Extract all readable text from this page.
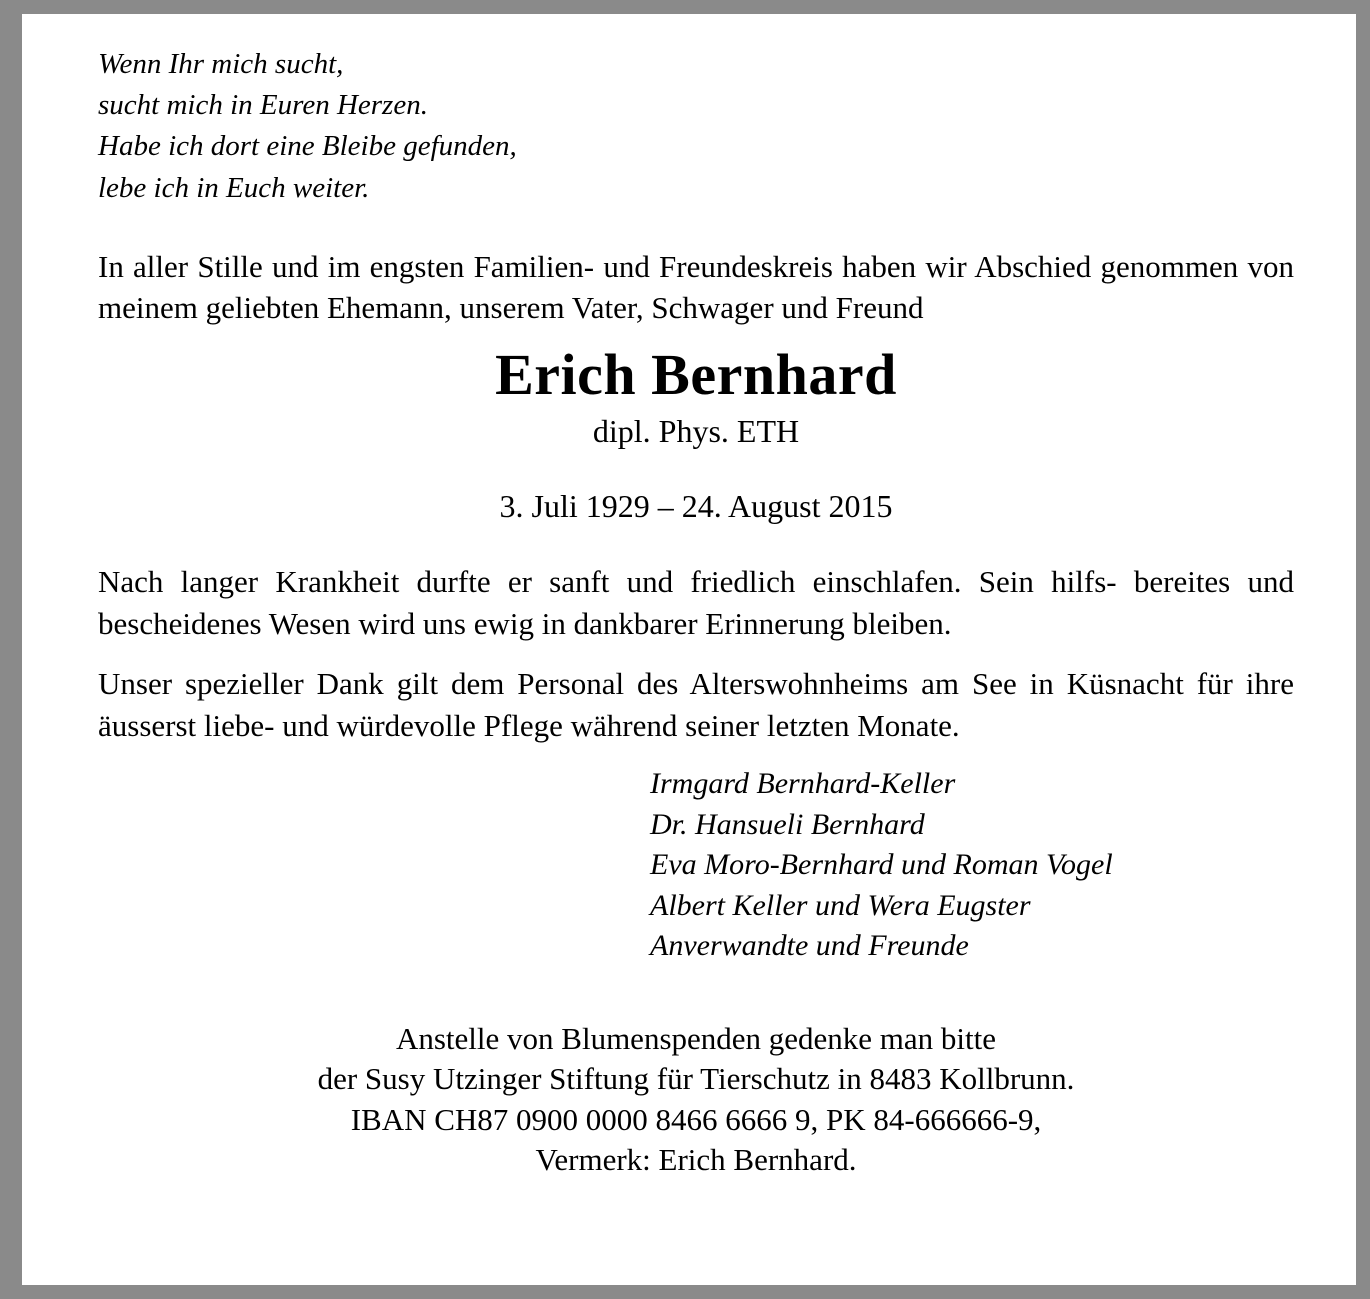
Wenn Ihr mich sucht,
sucht mich in Euren Herzen.
Habe ich dort eine Bleibe gefunden,
lebe ich in Euch weiter.
In aller Stille und im engsten Familien- und Freundeskreis haben wir Abschied genommen von meinem geliebten Ehemann, unserem Vater, Schwager und Freund
Erich Bernhard
dipl. Phys. ETH
3. Juli 1929 – 24. August 2015
Nach langer Krankheit durfte er sanft und friedlich einschlafen. Sein hilfs- bereites und bescheidenes Wesen wird uns ewig in dankbarer Erinnerung bleiben.
Unser spezieller Dank gilt dem Personal des Alterswohnheims am See in Küsnacht für ihre äusserst liebe- und würdevolle Pflege während seiner letzten Monate.
Irmgard Bernhard-Keller
Dr. Hansueli Bernhard
Eva Moro-Bernhard und Roman Vogel
Albert Keller und Wera Eugster
Anverwandte und Freunde
Anstelle von Blumenspenden gedenke man bitte
der Susy Utzinger Stiftung für Tierschutz in 8483 Kollbrunn.
IBAN CH87 0900 0000 8466 6666 9, PK 84-666666-9,
Vermerk: Erich Bernhard.
